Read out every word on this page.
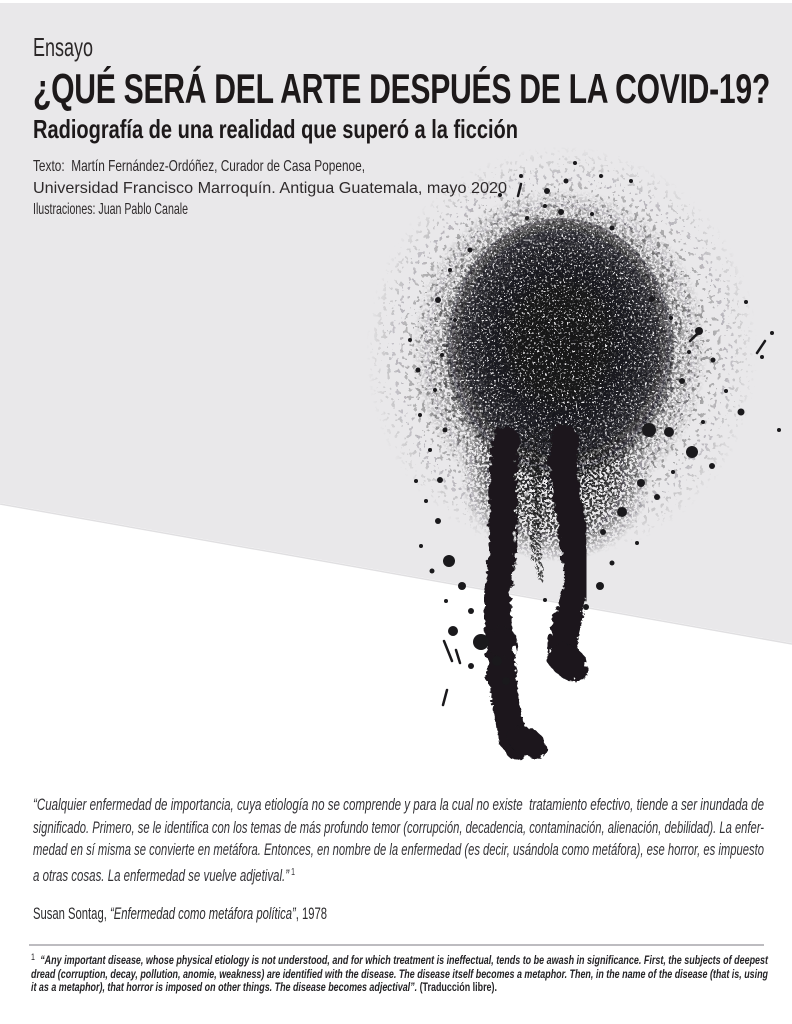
Ensayo
¿QUÉ SERÁ DEL ARTE DESPUÉS DE LA COVID-19?
Radiografía de una realidad que superó a la ficción
Texto:  Martín Fernández-Ordóñez, Curador de Casa Popenoe,
Universidad Francisco Marroquín. Antigua Guatemala, mayo 2020
Ilustraciones: Juan Pablo Canale
“Cualquier enfermedad de importancia, cuya etiología no se comprende y para la cual no existe  tratamiento efectivo, tiende a ser inundada de
significado. Primero, se le identifica con los temas de más profundo temor (corrupción, decadencia, contaminación, alienación, debilidad). La enfer-
medad en sí misma se convierte en metáfora. Entonces, en nombre de la enfermedad (es decir, usándola como metáfora), ese horror, es impuesto
a otras cosas. La enfermedad se vuelve adjetival.” $^1$
Susan Sontag, “Enfermedad como metáfora política”, 1978
$^1$ “Any important disease, whose physical etiology is not understood, and for which treatment is ineffectual, tends to be awash in significance. First, the subjects of deepest
dread (corruption, decay, pollution, anomie, weakness) are identified with the disease. The disease itself becomes a metaphor. Then, in the name of the disease (that is, using
it as a metaphor), that horror is imposed on other things. The disease becomes adjectival”. (Traducción libre).
